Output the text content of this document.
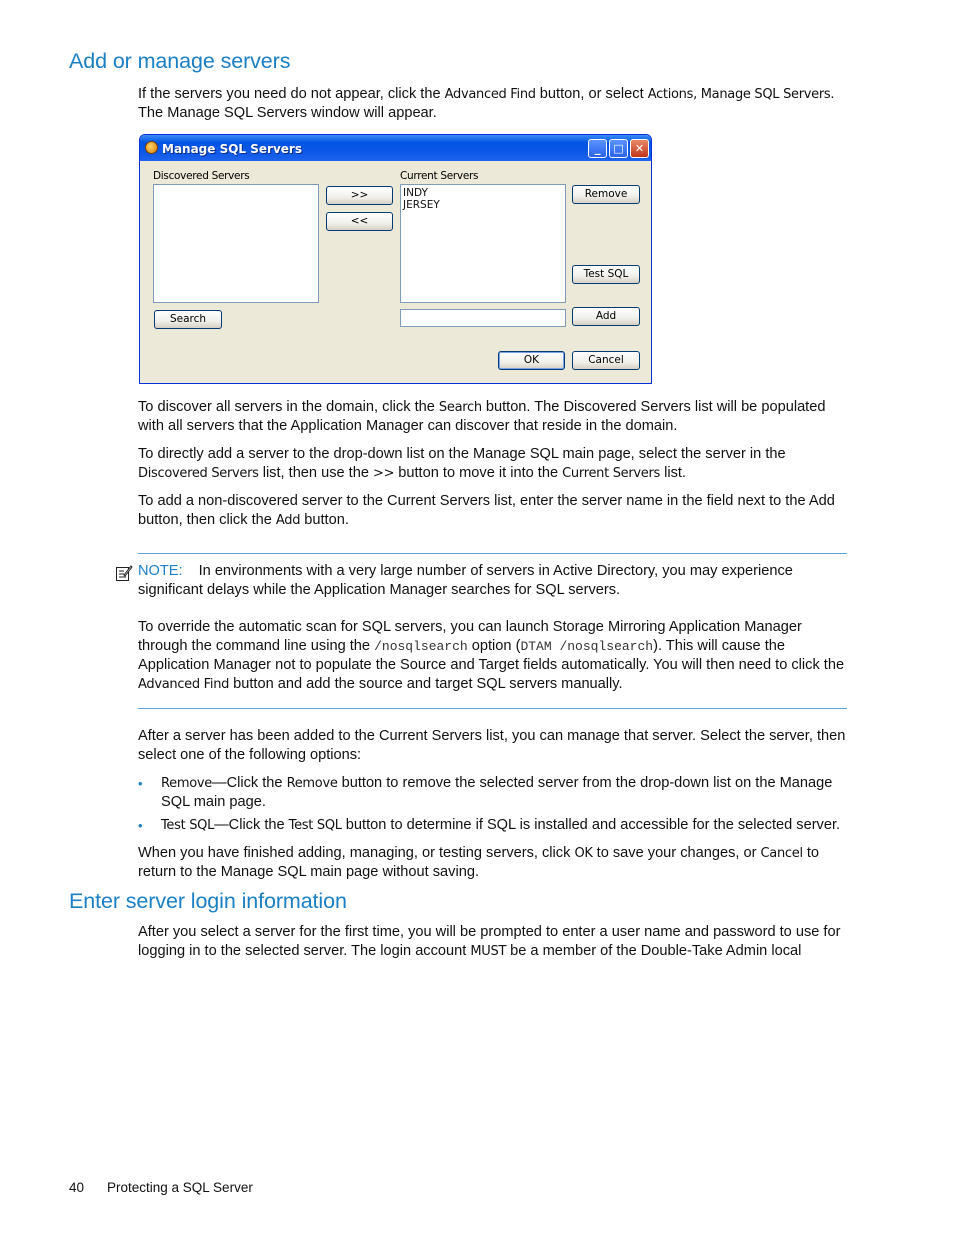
Add or manage servers

If the servers you need do not appear, click the Advanced Find button, or select Actions, Manage SQL Servers. The Manage SQL Servers window will appear.

Manage SQL Servers	_	□	✕
Discovered Servers
>>
<<
Current Servers
INDY
JERSEY
Remove
Test SQL
Search	Add
OK	Cancel

To discover all servers in the domain, click the Search button. The Discovered Servers list will be populated with all servers that the Application Manager can discover that reside in the domain.

To directly add a server to the drop-down list on the Manage SQL main page, select the server in the Discovered Servers list, then use the >> button to move it into the Current Servers list.

To add a non-discovered server to the Current Servers list, enter the server name in the field next to the Add button, then click the Add button.

NOTE: In environments with a very large number of servers in Active Directory, you may experience significant delays while the Application Manager searches for SQL servers.

To override the automatic scan for SQL servers, you can launch Storage Mirroring Application Manager through the command line using the /nosqlsearch option (DTAM /nosqlsearch). This will cause the Application Manager not to populate the Source and Target fields automatically. You will then need to click the Advanced Find button and add the source and target SQL servers manually.

After a server has been added to the Current Servers list, you can manage that server. Select the server, then select one of the following options:

• Remove—Click the Remove button to remove the selected server from the drop-down list on the Manage SQL main page.

• Test SQL—Click the Test SQL button to determine if SQL is installed and accessible for the selected server.

When you have finished adding, managing, or testing servers, click OK to save your changes, or Cancel to return to the Manage SQL main page without saving.

Enter server login information

After you select a server for the first time, you will be prompted to enter a user name and password to use for logging in to the selected server. The login account MUST be a member of the Double-Take Admin local

40 Protecting a SQL Server
